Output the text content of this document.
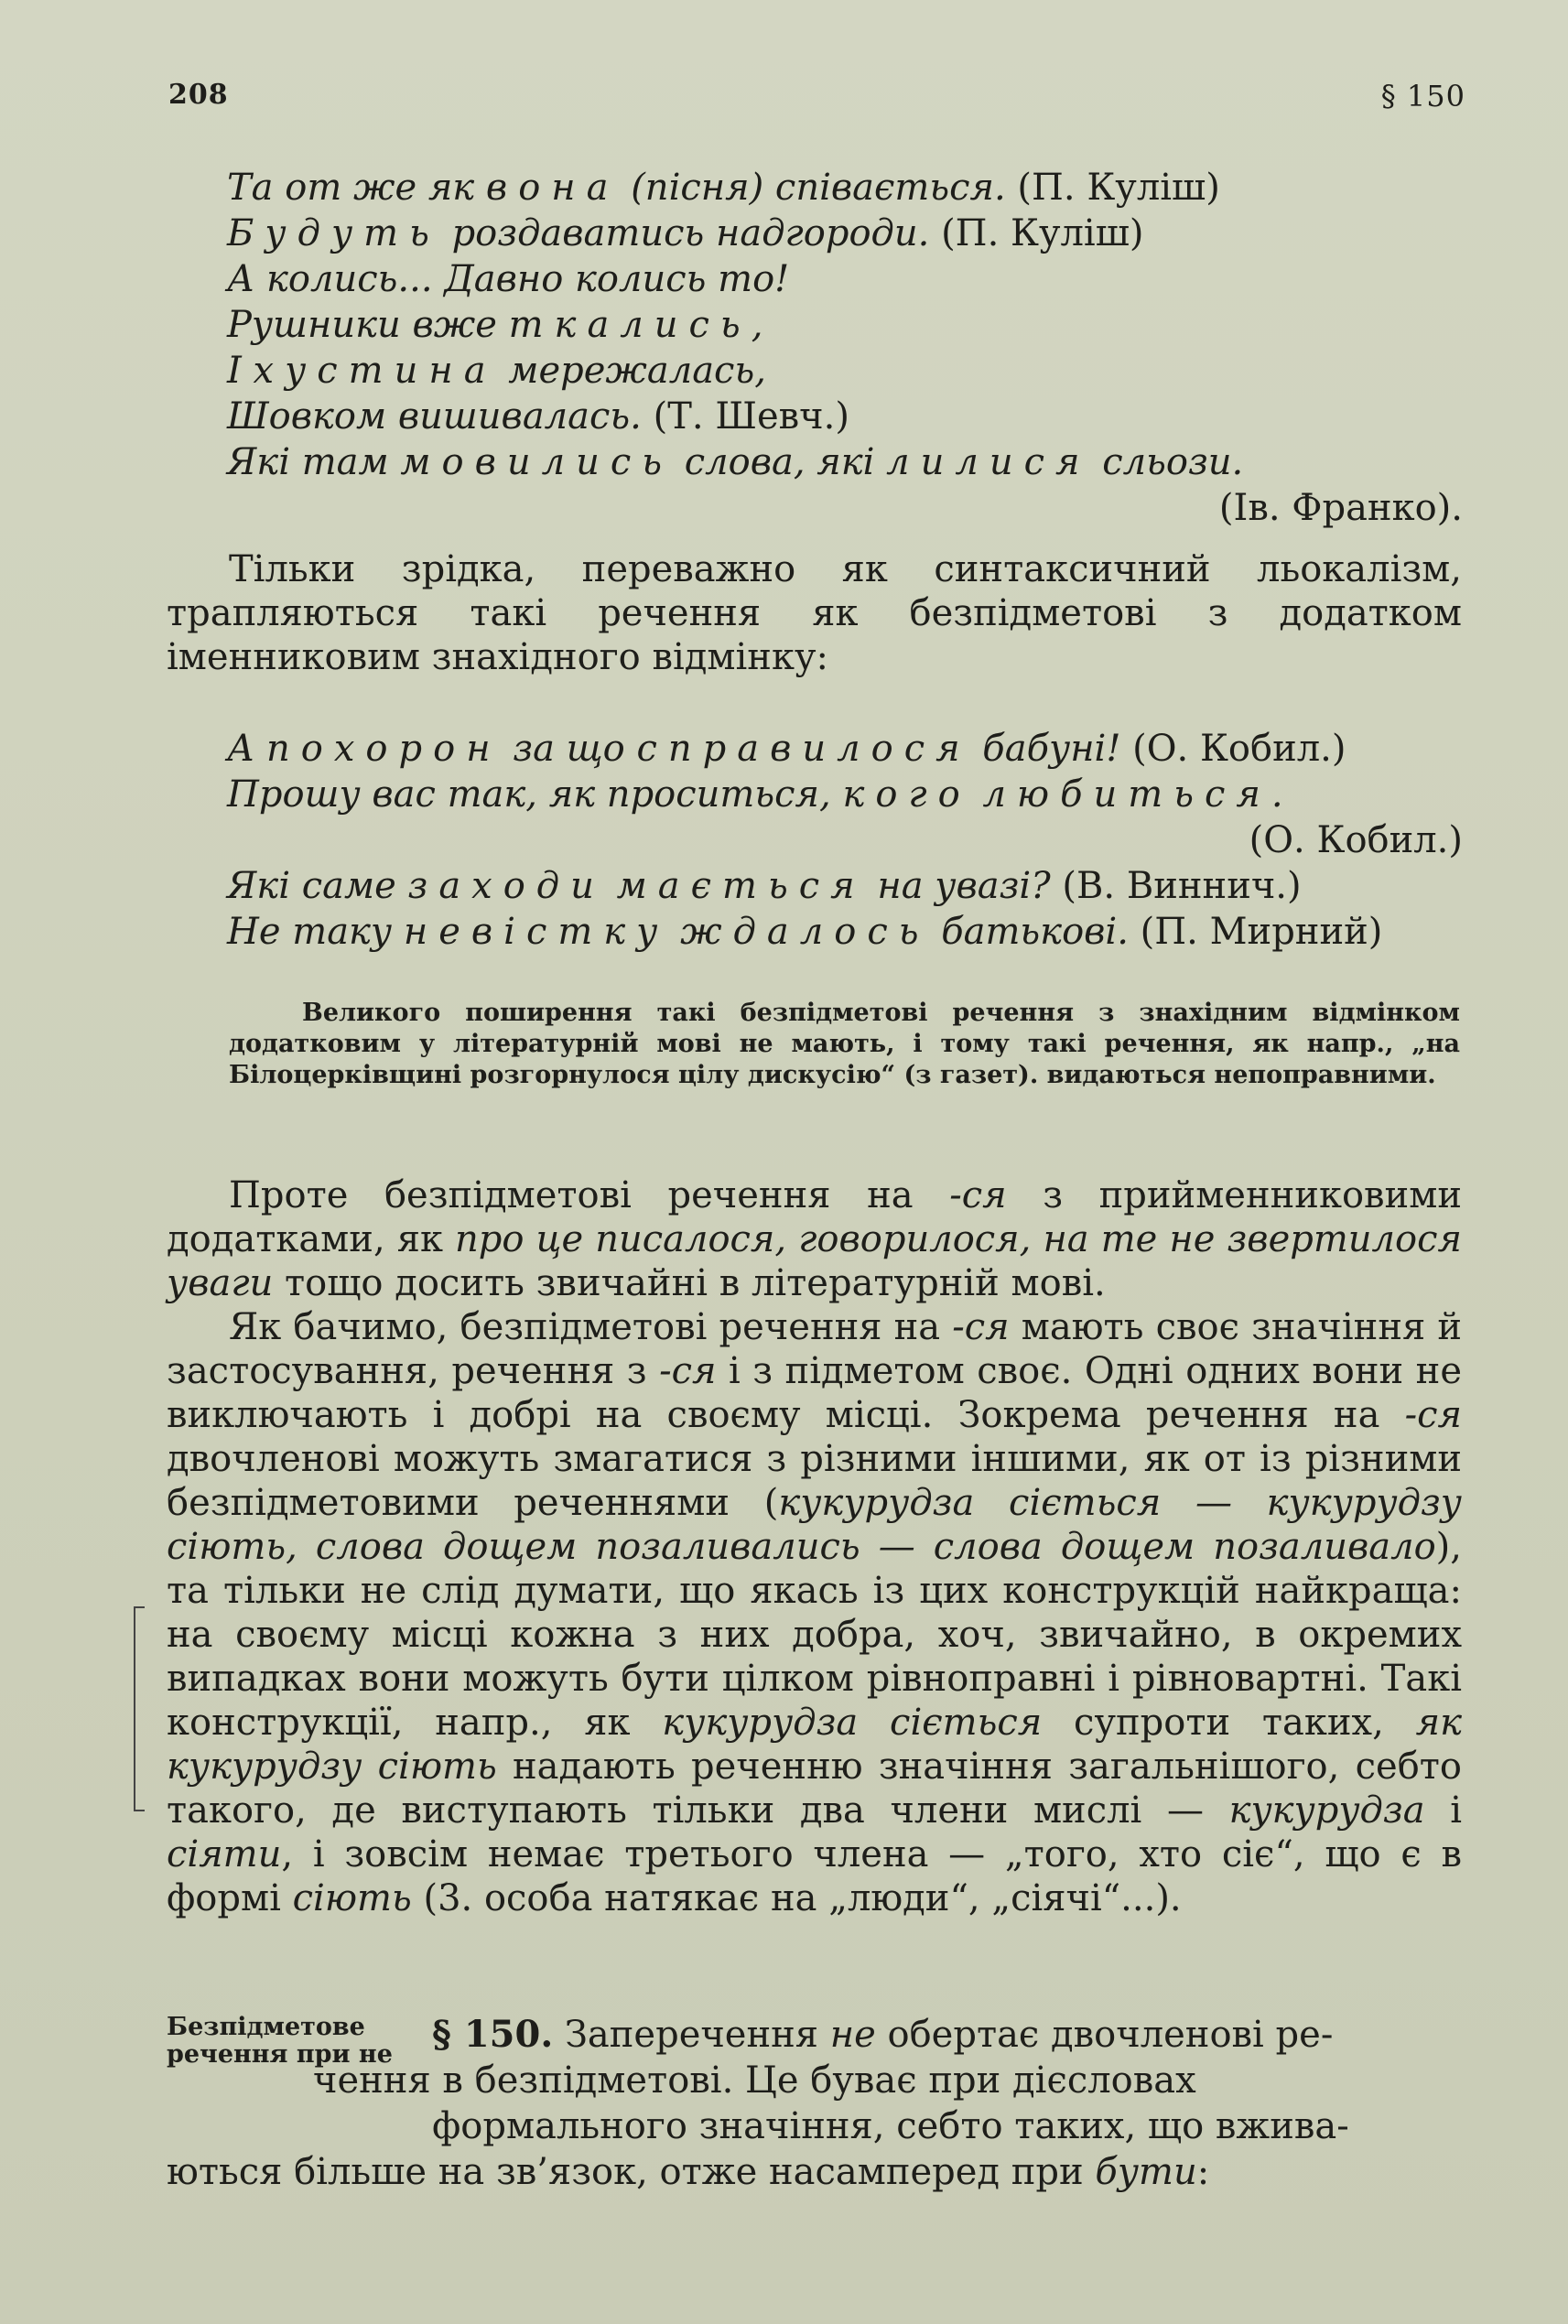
208	§ 150
Та от же як вона (пісня) співається. (П. Куліш)
Будуть роздаватись надгороди. (П. Куліш)
А колись... Давно колись то!
Рушники вже ткались,
І хустина мережалась,
Шовком вишивалась. (Т. Шевч.)
Які там мовились слова, які лилися сльози.
(Ів. Франко).

Тільки зрідка, переважно як синтаксичний льокалізм, трапляються такі речення як безпідметові з додатком іменниковим знахідного відмінку:

А похорон за що справилося бабуні! (О. Кобил.)
Прошу вас так, як проситься, кого любиться.
(О. Кобил.)
Які саме заходи мається на увазі? (В. Виннич.)
Не таку невістку ждалось батькові. (П. Мирний)

Великого поширення такі безпідметові речення з знахідним відмінком додатковим у літературній мові не мають, і тому такі речення, як напр., „на Білоцерківщині розгорнулося цілу дискусію“ (з газет). видаються непоправними.

Проте безпідметові речення на -ся з прийменниковими додатками, як про це писалося, говорилося, на те не звертилося уваги тощо досить звичайні в літературній мові.

Як бачимо, безпідметові речення на -ся мають своє значіння й застосування, речення з -ся і з підметом своє. Одні одних вони не виключають і добрі на своєму місці. Зокрема речення на -ся двочленові можуть змагатися з різними іншими, як от із різними безпідметовими реченнями (кукурудза сіється — кукурудзу сіють, слова дощем позаливались — слова дощем позаливало), та тільки не слід думати, що якась із цих конструкцій найкраща: на своєму місці кожна з них добра, хоч, звичайно, в окремих випадках вони можуть бути цілком рівноправні і рівновартні. Такі конструкції, напр., як кукурудза сіється супроти таких, як кукурудзу сіють надають реченню значіння загальнішого, себто такого, де виступають тільки два члени мислі — кукурудза і сіяти, і зовсім немає третього члена — „того, хто сіє“, що є в формі сіють (3. особа натякає на „люди“, „сіячі“...).

Безпідметове речення при не	§ 150. Заперечення не обертає двочленові ре-
чення в безпідметові. Це буває при дієсловах
формального значіння, себто таких, що вжива-
ються більше на зв’язок, отже насамперед при бути:
